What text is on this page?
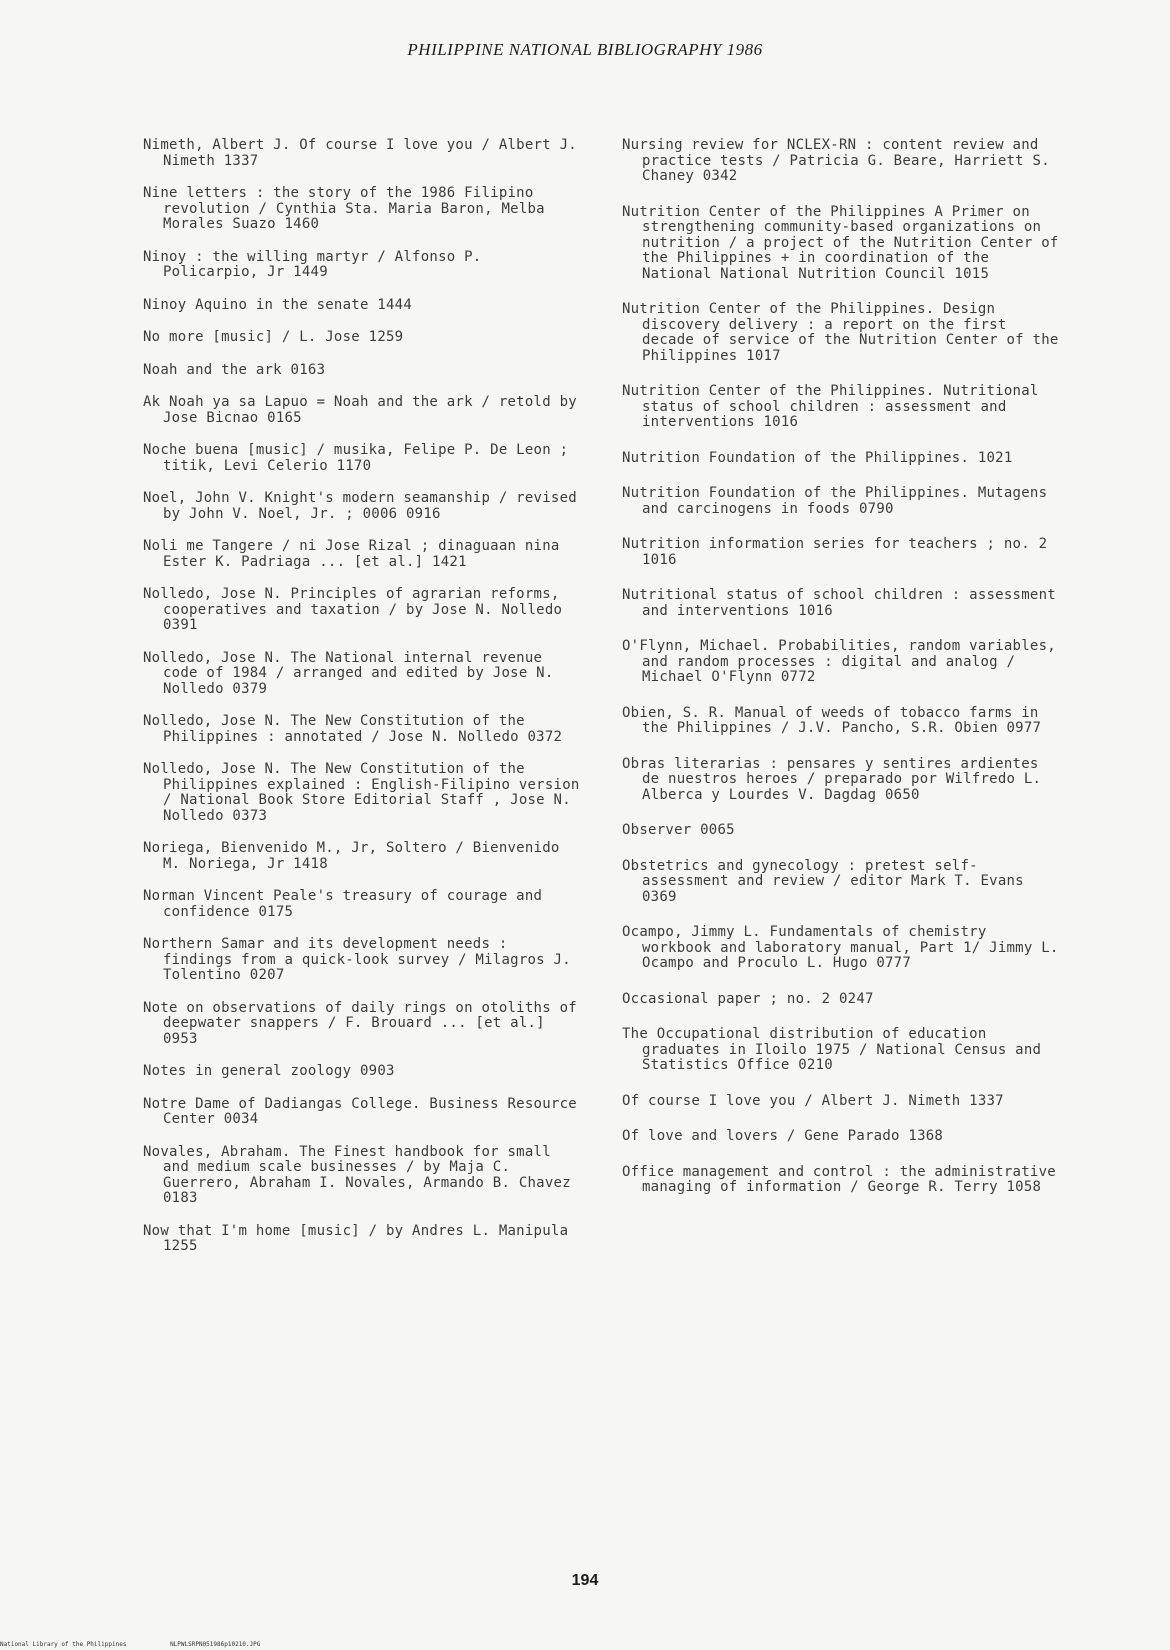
PHILIPPINE NATIONAL BIBLIOGRAPHY 1986
Nimeth, Albert J. Of course I love you / Albert J. Nimeth 1337
Nine letters : the story of the 1986 Filipino revolution / Cynthia Sta. Maria Baron, Melba Morales Suazo 1460
Ninoy : the willing martyr / Alfonso P. Policarpio, Jr 1449
Ninoy Aquino in the senate 1444
No more [music] / L. Jose 1259
Noah and the ark 0163
Ak Noah ya sa Lapuo = Noah and the ark / retold by Jose Bicnao 0165
Noche buena [music] / musika, Felipe P. De Leon ; titik, Levi Celerio 1170
Noel, John V. Knight's modern seamanship / revised by John V. Noel, Jr. ; 0006 0916
Noli me Tangere / ni Jose Rizal ; dinaguaan nina Ester K. Padriaga ... [et al.] 1421
Nolledo, Jose N. Principles of agrarian reforms, cooperatives and taxation / by Jose N. Nolledo 0391
Nolledo, Jose N. The National internal revenue code of 1984 / arranged and edited by Jose N. Nolledo 0379
Nolledo, Jose N. The New Constitution of the Philippines : annotated / Jose N. Nolledo 0372
Nolledo, Jose N. The New Constitution of the Philippines explained : English-Filipino version / National Book Store Editorial Staff , Jose N. Nolledo 0373
Noriega, Bienvenido M., Jr, Soltero / Bienvenido M. Noriega, Jr 1418
Norman Vincent Peale's treasury of courage and confidence 0175
Northern Samar and its development needs : findings from a quick-look survey / Milagros J. Tolentino 0207
Note on observations of daily rings on otoliths of deepwater snappers / F. Brouard ... [et al.] 0953
Notes in general zoology 0903
Notre Dame of Dadiangas College. Business Resource Center 0034
Novales, Abraham. The Finest handbook for small and medium scale businesses / by Maja C. Guerrero, Abraham I. Novales, Armando B. Chavez 0183
Now that I'm home [music] / by Andres L. Manipula 1255
Nursing review for NCLEX-RN : content review and practice tests / Patricia G. Beare, Harriett S. Chaney 0342
Nutrition Center of the Philippines A Primer on strengthening community-based organizations on nutrition / a project of the Nutrition Center of the Philippines + in coordination of the National National Nutrition Council 1015
Nutrition Center of the Philippines. Design discovery delivery : a report on the first decade of service of the Nutrition Center of the Philippines 1017
Nutrition Center of the Philippines. Nutritional status of school children : assessment and interventions 1016
Nutrition Foundation of the Philippines. 1021
Nutrition Foundation of the Philippines. Mutagens and carcinogens in foods 0790
Nutrition information series for teachers ; no. 2 1016
Nutritional status of school children : assessment and interventions 1016
O'Flynn, Michael. Probabilities, random variables, and random processes : digital and analog / Michael O'Flynn 0772
Obien, S. R. Manual of weeds of tobacco farms in the Philippines / J.V. Pancho, S.R. Obien 0977
Obras literarias : pensares y sentires ardientes de nuestros heroes / preparado por Wilfredo L. Alberca y Lourdes V. Dagdag 0650
Observer 0065
Obstetrics and gynecology : pretest self-assessment and review / editor Mark T. Evans 0369
Ocampo, Jimmy L. Fundamentals of chemistry workbook and laboratory manual, Part 1/ Jimmy L. Ocampo and Proculo L. Hugo 0777
Occasional paper ; no. 2 0247
The Occupational distribution of education graduates in Iloilo 1975 / National Census and Statistics Office 0210
Of course I love you / Albert J. Nimeth 1337
Of love and lovers / Gene Parado 1368
Office management and control : the administrative managing of information / George R. Terry 1058
194
National Library of the Philippines	NLPWLSRPN051986p10210.JPG
